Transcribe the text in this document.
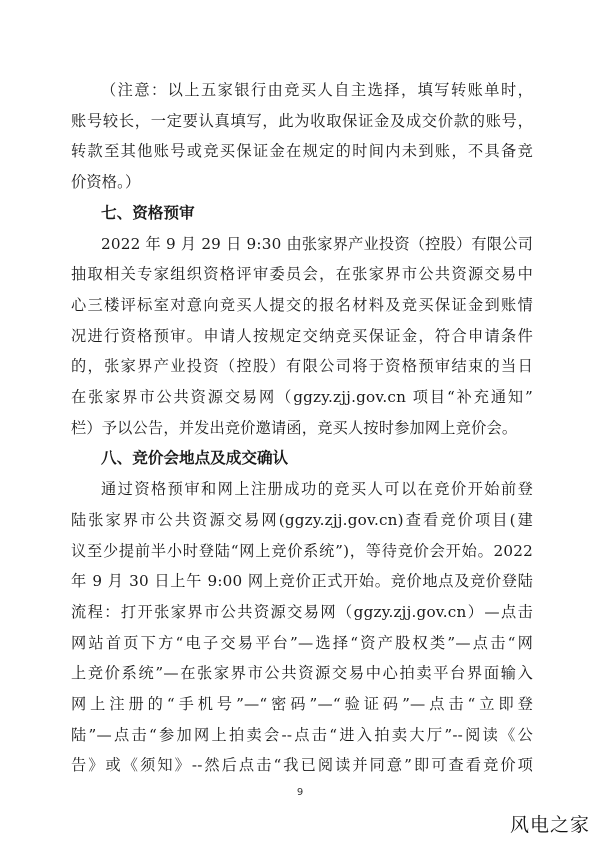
（注意：以上五家银行由竞买人自主选择，填写转账单时，
账号较长，一定要认真填写，此为收取保证金及成交价款的账号，
转款至其他账号或竞买保证金在规定的时间内未到账，不具备竞
价资格。）
七、资格预审
2022 年 9 月 29 日 9:30 由张家界产业投资（控股）有限公司
抽取相关专家组织资格评审委员会，在张家界市公共资源交易中
心三楼评标室对意向竞买人提交的报名材料及竞买保证金到账情
况进行资格预审。申请人按规定交纳竞买保证金，符合申请条件
的，张家界产业投资（控股）有限公司将于资格预审结束的当日
在张家界市公共资源交易网（ggzy.zjj.gov.cn 项目“补充通知”
栏）予以公告，并发出竞价邀请函，竞买人按时参加网上竞价会。
八、竞价会地点及成交确认
通过资格预审和网上注册成功的竞买人可以在竞价开始前登
陆张家界市公共资源交易网(ggzy.zjj.gov.cn)查看竞价项目(建
议至少提前半小时登陆“网上竞价系统”)，等待竞价会开始。2022
年 9 月 30 日上午 9:00 网上竞价正式开始。竞价地点及竞价登陆
流程：打开张家界市公共资源交易网（ggzy.zjj.gov.cn）—点击
网站首页下方“电子交易平台”—选择“资产股权类”—点击“网
上竞价系统”—在张家界市公共资源交易中心拍卖平台界面输入
网上注册的“手机号”—“密码”—“验证码”—点击“立即登
9
风电之家
陆”—点击“参加网上拍卖会--点击“进入拍卖大厅”--阅读《公
告》或《须知》--然后点击“我已阅读并同意”即可查看竞价项
